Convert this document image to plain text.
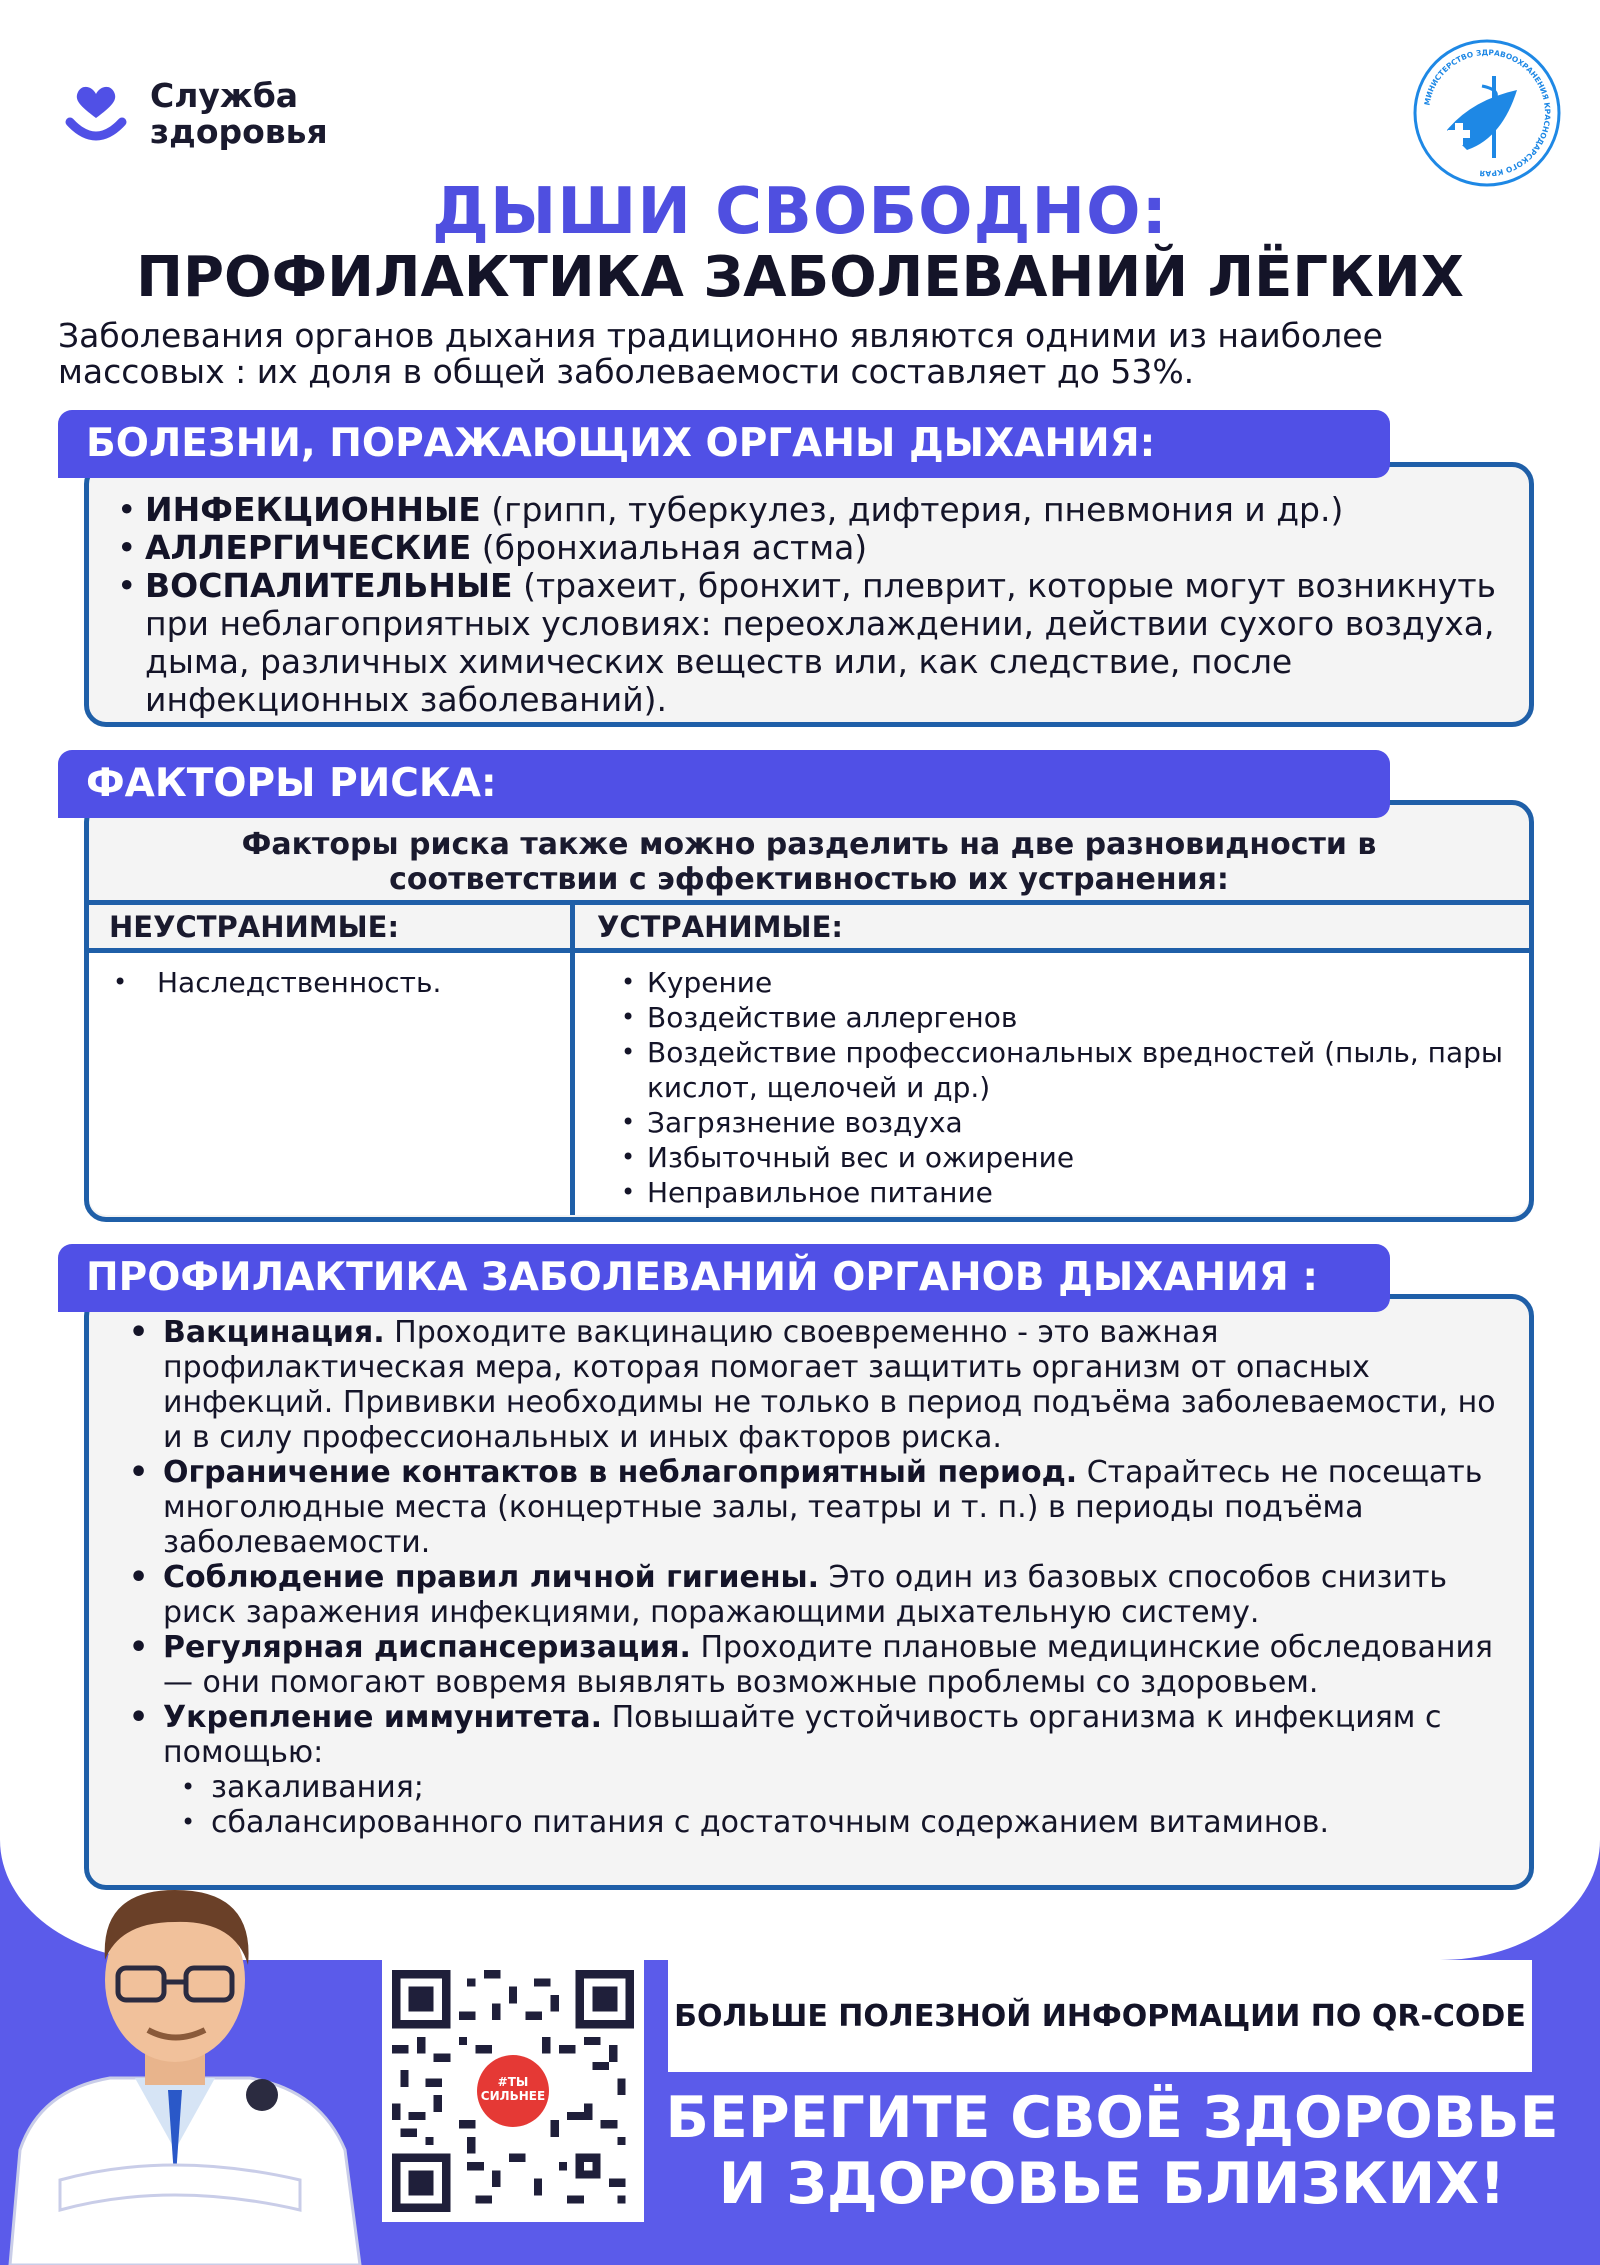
Служба
здоровья
МИНИСТЕРСТВО ЗДРАВООХРАНЕНИЯ КРАСНОДАРСКОГО КРАЯ
ДЫШИ СВОБОДНО:
ПРОФИЛАКТИКА ЗАБОЛЕВАНИЙ ЛЁГКИХ
Заболевания органов дыхания традиционно являются одними из наиболее массовых : их доля в общей заболеваемости составляет до 53%.
БОЛЕЗНИ, ПОРАЖАЮЩИХ ОРГАНЫ ДЫХАНИЯ:
• ИНФЕКЦИОННЫЕ (грипп, туберкулез, дифтерия, пневмония и др.)
• АЛЛЕРГИЧЕСКИЕ (бронхиальная астма)
• ВОСПАЛИТЕЛЬНЫЕ (трахеит, бронхит, плеврит, которые могут возникнуть при неблагоприятных условиях: переохлаждении, действии сухого воздуха, дыма, различных химических веществ или, как следствие, после инфекционных заболеваний).
ФАКТОРЫ РИСКА:
Факторы риска также можно разделить на две разновидности в соответствии с эффективностью их устранения:
НЕУСТРАНИМЫЕ:	УСТРАНИМЫЕ:
• Наследственность.
•	Курение
• Воздействие аллергенов
• Воздействие профессиональных вредностей (пыль, пары кислот, щелочей и др.)
• Загрязнение воздуха
• Избыточный вес и ожирение
• Неправильное питание
ПРОФИЛАКТИКА ЗАБОЛЕВАНИЙ ОРГАНОВ ДЫХАНИЯ :
• Вакцинация. Проходите вакцинацию своевременно - это важная профилактическая мера, которая помогает защитить организм от опасных инфекций. Прививки необходимы не только в период подъёма заболеваемости, но и в силу профессиональных и иных факторов риска.
• Ограничение контактов в неблагоприятный период. Старайтесь не посещать многолюдные места (концертные залы, театры и т. п.) в периоды подъёма заболеваемости.
• Соблюдение правил личной гигиены. Это один из базовых способов снизить риск заражения инфекциями, поражающими дыхательную систему.
• Регулярная диспансеризация. Проходите плановые медицинские обследования — они помогают вовремя выявлять возможные проблемы со здоровьем.
• Укрепление иммунитета. Повышайте устойчивость организма к инфекциям с помощью:
• закаливания;
• сбалансированного питания с достаточным содержанием витаминов.
#ТЫ СИЛЬНЕЕ
БОЛЬШЕ ПОЛЕЗНОЙ ИНФОРМАЦИИ ПО QR-CODE
БЕРЕГИТЕ СВОЁ ЗДОРОВЬЕ
И ЗДОРОВЬЕ БЛИЗКИХ!
